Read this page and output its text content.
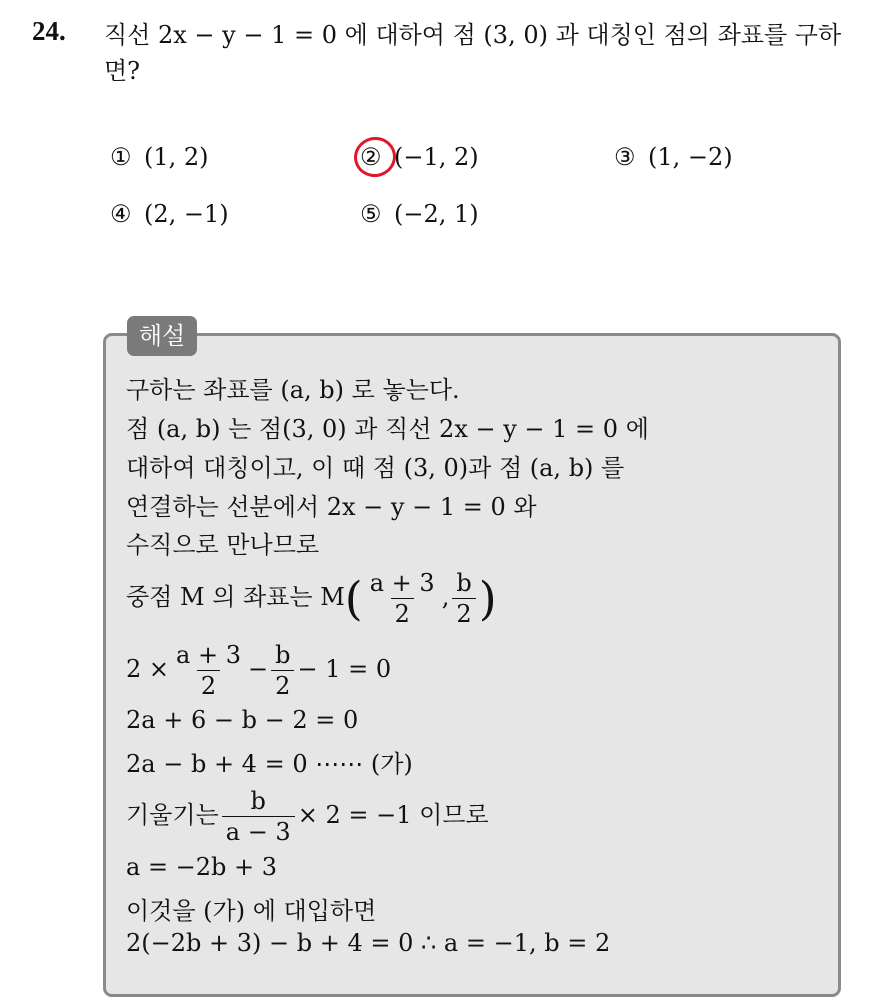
24. 직선 2x − y − 1 = 0 에 대하여 점 (3, 0) 과 대칭인 점의 좌표를 구하면?
① (1, 2)	② (−1, 2)	③ (1, −2)
④ (2, −1)	⑤ (−2, 1)
해설
구하는 좌표를 (a, b) 로 놓는다.
점 (a, b) 는 점(3, 0) 과 직선 2x − y − 1 = 0 에
대하여 대칭이고, 이 때 점 (3, 0)과 점 (a, b) 를
연결하는 선분에서 2x − y − 1 = 0 와
수직으로 만나므로
중점 M 의 좌표는 $M( \frac{a + 3}{2}$ , $\frac{b}{2}$ )
$2 \times \frac{a + 3}{2} - \frac{b}{2} - 1 = 0$
2a + 6 − b − 2 = 0
2a − b + 4 = 0 ⋯⋯ (가)
기울기는 $\frac{b}{a - 3} \times 2 = -1$ 이므로
a = −2b + 3
이것을 (가) 에 대입하면
2(−2b + 3) − b + 4 = 0 ∴ a = −1, b = 2
